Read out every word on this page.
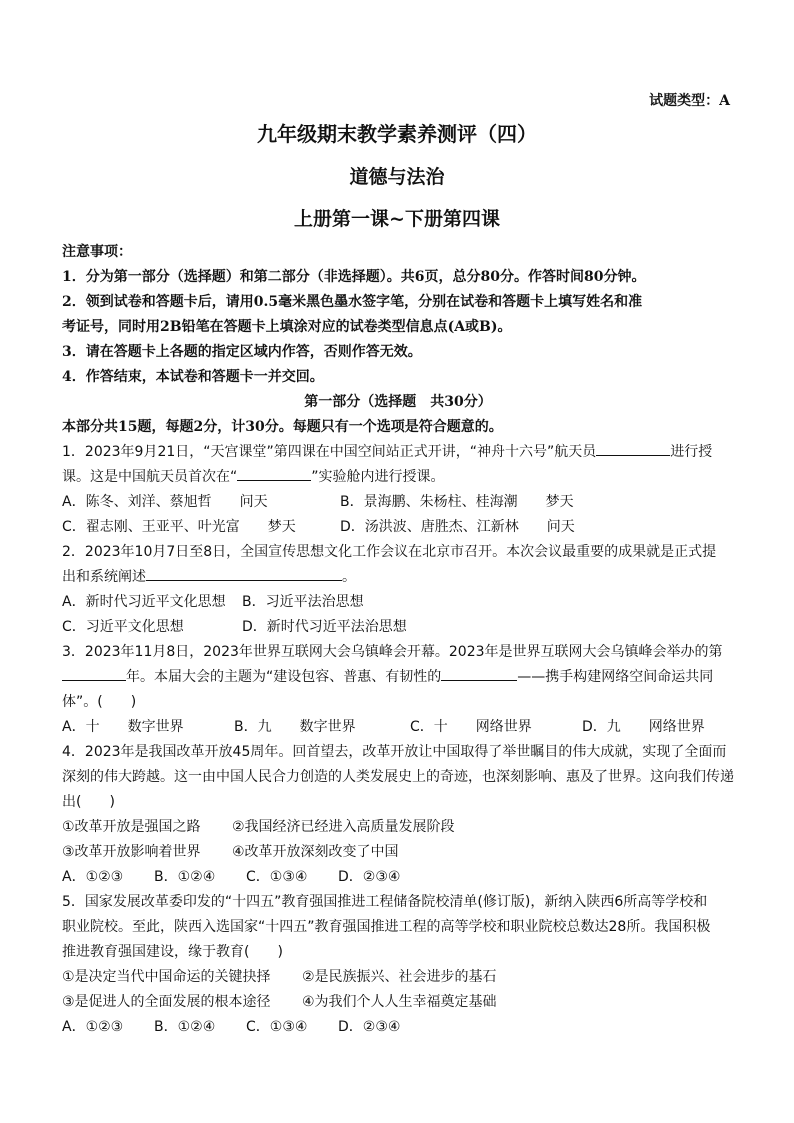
试题类型：A
九年级期末教学素养测评（四）
道德与法治
上册第一课~下册第四课
注意事项：
1．分为第一部分（选择题）和第二部分（非选择题）。共6页，总分80分。作答时间80分钟。
2．领到试卷和答题卡后，请用0.5毫米黑色墨水签字笔，分别在试卷和答题卡上填写姓名和准
考证号，同时用2B铅笔在答题卡上填涂对应的试卷类型信息点(A或B)。
3．请在答题卡上各题的指定区域内作答，否则作答无效。
4．作答结束，本试卷和答题卡一并交回。
第一部分（选择题　共30分）
本部分共15题，每题2分，计30分。每题只有一个选项是符合题意的。
1．2023年9月21日，“天宫课堂”第四课在中国空间站正式开讲，“神舟十六号”航天员	进行授
课。这是中国航天员首次在“	”实验舱内进行授课。
A．陈冬、刘洋、蔡旭哲　　问天	B．景海鹏、朱杨柱、桂海潮　　梦天
C．翟志刚、王亚平、叶光富　　梦天	D．汤洪波、唐胜杰、江新林　　问天
2．2023年10月7日至8日，全国宣传思想文化工作会议在北京市召开。本次会议最重要的成果就是正式提
出和系统阐述	。
A．新时代习近平文化思想 B．习近平法治思想
C．习近平文化思想	D．新时代习近平法治思想
3．2023年11月8日，2023年世界互联网大会乌镇峰会开幕。2023年是世界互联网大会乌镇峰会举办的第
年。本届大会的主题为“建设包容、普惠、有韧性的	——携手构建网络空间命运共同
体”。(　　)
A．十　　数字世界	B．九　　数字世界	C．十　　网络世界	D．九　　网络世界
4．2023年是我国改革开放45周年。回首望去，改革开放让中国取得了举世瞩目的伟大成就，实现了全面而
深刻的伟大跨越。这一由中国人民合力创造的人类发展史上的奇迹，也深刻影响、惠及了世界。这向我们传递
出(　　)
①改革开放是强国之路 ②我国经济已经进入高质量发展阶段
③改革开放影响着世界 ④改革开放深刻改变了中国
A．①②③ B．①②④ C．①③④ D．②③④
5．国家发展改革委印发的“十四五”教育强国推进工程储备院校清单(修订版)，新纳入陕西6所高等学校和
职业院校。至此，陕西入选国家“十四五”教育强国推进工程的高等学校和职业院校总数达28所。我国积极
推进教育强国建设，缘于教育(　　)
①是决定当代中国命运的关键抉择 ②是民族振兴、社会进步的基石
③是促进人的全面发展的根本途径 ④为我们个人人生幸福奠定基础
A．①②③ B．①②④ C．①③④ D．②③④
